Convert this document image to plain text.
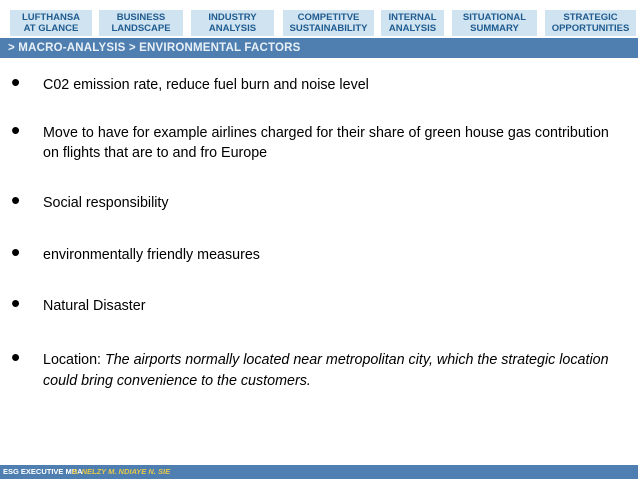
LUFTHANSA
AT GLANCE
BUSINESS
LANDSCAPE
INDUSTRY
ANALYSIS
COMPETITVE
SUSTAINABILITY
INTERNAL
ANALYSIS
SITUATIONAL
SUMMARY
STRATEGIC
OPPORTUNITIES
> MACRO-ANALYSIS > ENVIRONMENTAL FACTORS
• C02 emission rate, reduce fuel burn and noise level
• Move to have for example airlines charged for their share of green house gas contribution on flights that are to and fro Europe
• Social responsibility
• environmentally friendly measures
• Natural Disaster
• Location: The airports normally located near metropolitan city, which the strategic location could bring convenience to the customers.
ESG EXECUTIVE MBA
B. NELZY M. NDIAYE N. SIE
